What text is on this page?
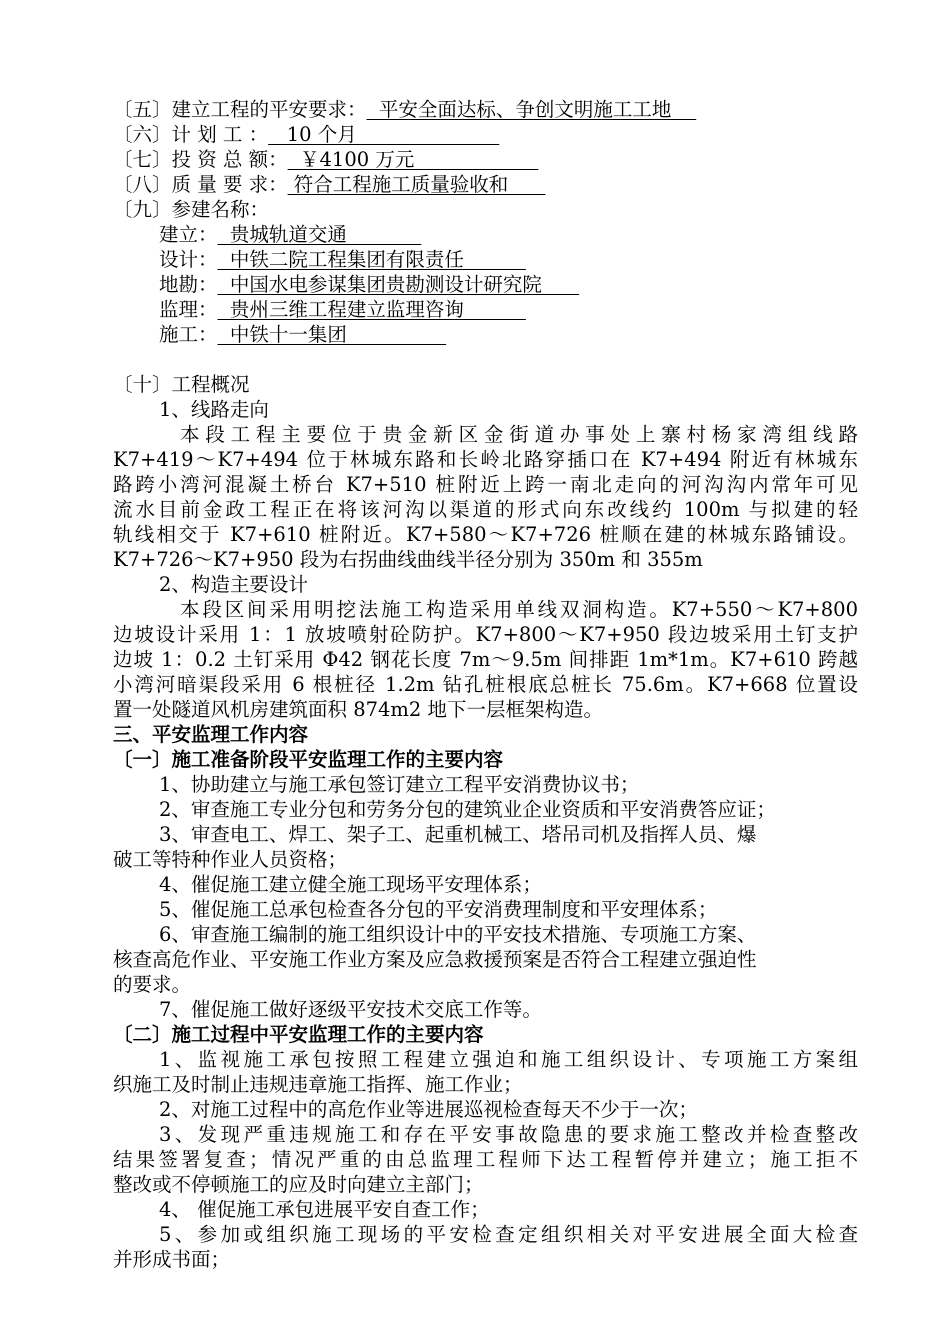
〔五〕建立工程的平安要求：  平安全面达标、争创文明施工工地
〔六〕计 划 工 ：   10 个月
〔七〕投 资 总 额：  ￥4100 万元
〔八〕质 量 要 求： 符合工程施工质量验收和
〔九〕参建名称：
建立：  贵城轨道交通
设计：  中铁二院工程集团有限责任
地勘：  中国水电参谋集团贵勘测设计研究院
监理：  贵州三维工程建立监理咨询
施工：  中铁十一集团
〔十〕工程概况
1、线路走向
本段工程主要位于贵金新区金街道办事处上寨村杨家湾组线路
K7+419～K7+494 位于林城东路和长岭北路穿插口在 K7+494 附近有林城东
路跨小湾河混凝土桥台 K7+510 桩附近上跨一南北走向的河沟沟内常年可见
流水目前金政工程正在将该河沟以渠道的形式向东改线约 100m 与拟建的轻
轨线相交于 K7+610 桩附近。K7+580～K7+726 桩顺在建的林城东路铺设。
K7+726～K7+950 段为右拐曲线曲线半径分别为 350m 和 355m
2、构造主要设计
本段区间采用明挖法施工构造采用单线双洞构造。K7+550～K7+800
边坡设计采用 1：1 放坡喷射砼防护。K7+800～K7+950 段边坡采用土钉支护
边坡 1：0.2 土钉采用 Φ42 钢花长度 7m～9.5m 间排距 1m*1m。K7+610 跨越
小湾河暗渠段采用 6 根桩径 1.2m 钻孔桩根底总桩长 75.6m。K7+668 位置设
置一处隧道风机房建筑面积 874m2 地下一层框架构造。
三、平安监理工作内容
〔一〕施工准备阶段平安监理工作的主要内容
1、协助建立与施工承包签订建立工程平安消费协议书；
2、审查施工专业分包和劳务分包的建筑业企业资质和平安消费答应证；
3、审查电工、焊工、架子工、起重机械工、塔吊司机及指挥人员、爆
破工等特种作业人员资格；
4、催促施工建立健全施工现场平安理体系；
5、催促施工总承包检查各分包的平安消费理制度和平安理体系；
6、审查施工编制的施工组织设计中的平安技术措施、专项施工方案、
核查高危作业、平安施工作业方案及应急救援预案是否符合工程建立强迫性
的要求。
7、催促施工做好逐级平安技术交底工作等。
〔二〕施工过程中平安监理工作的主要内容
1、监视施工承包按照工程建立强迫和施工组织设计、专项施工方案组
织施工及时制止违规违章施工指挥、施工作业；
2、对施工过程中的高危作业等进展巡视检查每天不少于一次；
3、发现严重违规施工和存在平安事故隐患的要求施工整改并检查整改
结果签署复查；情况严重的由总监理工程师下达工程暂停并建立；施工拒不
整改或不停顿施工的应及时向建立主部门；
4、 催促施工承包进展平安自查工作；
5、参加或组织施工现场的平安检查定组织相关对平安进展全面大检查
并形成书面；
